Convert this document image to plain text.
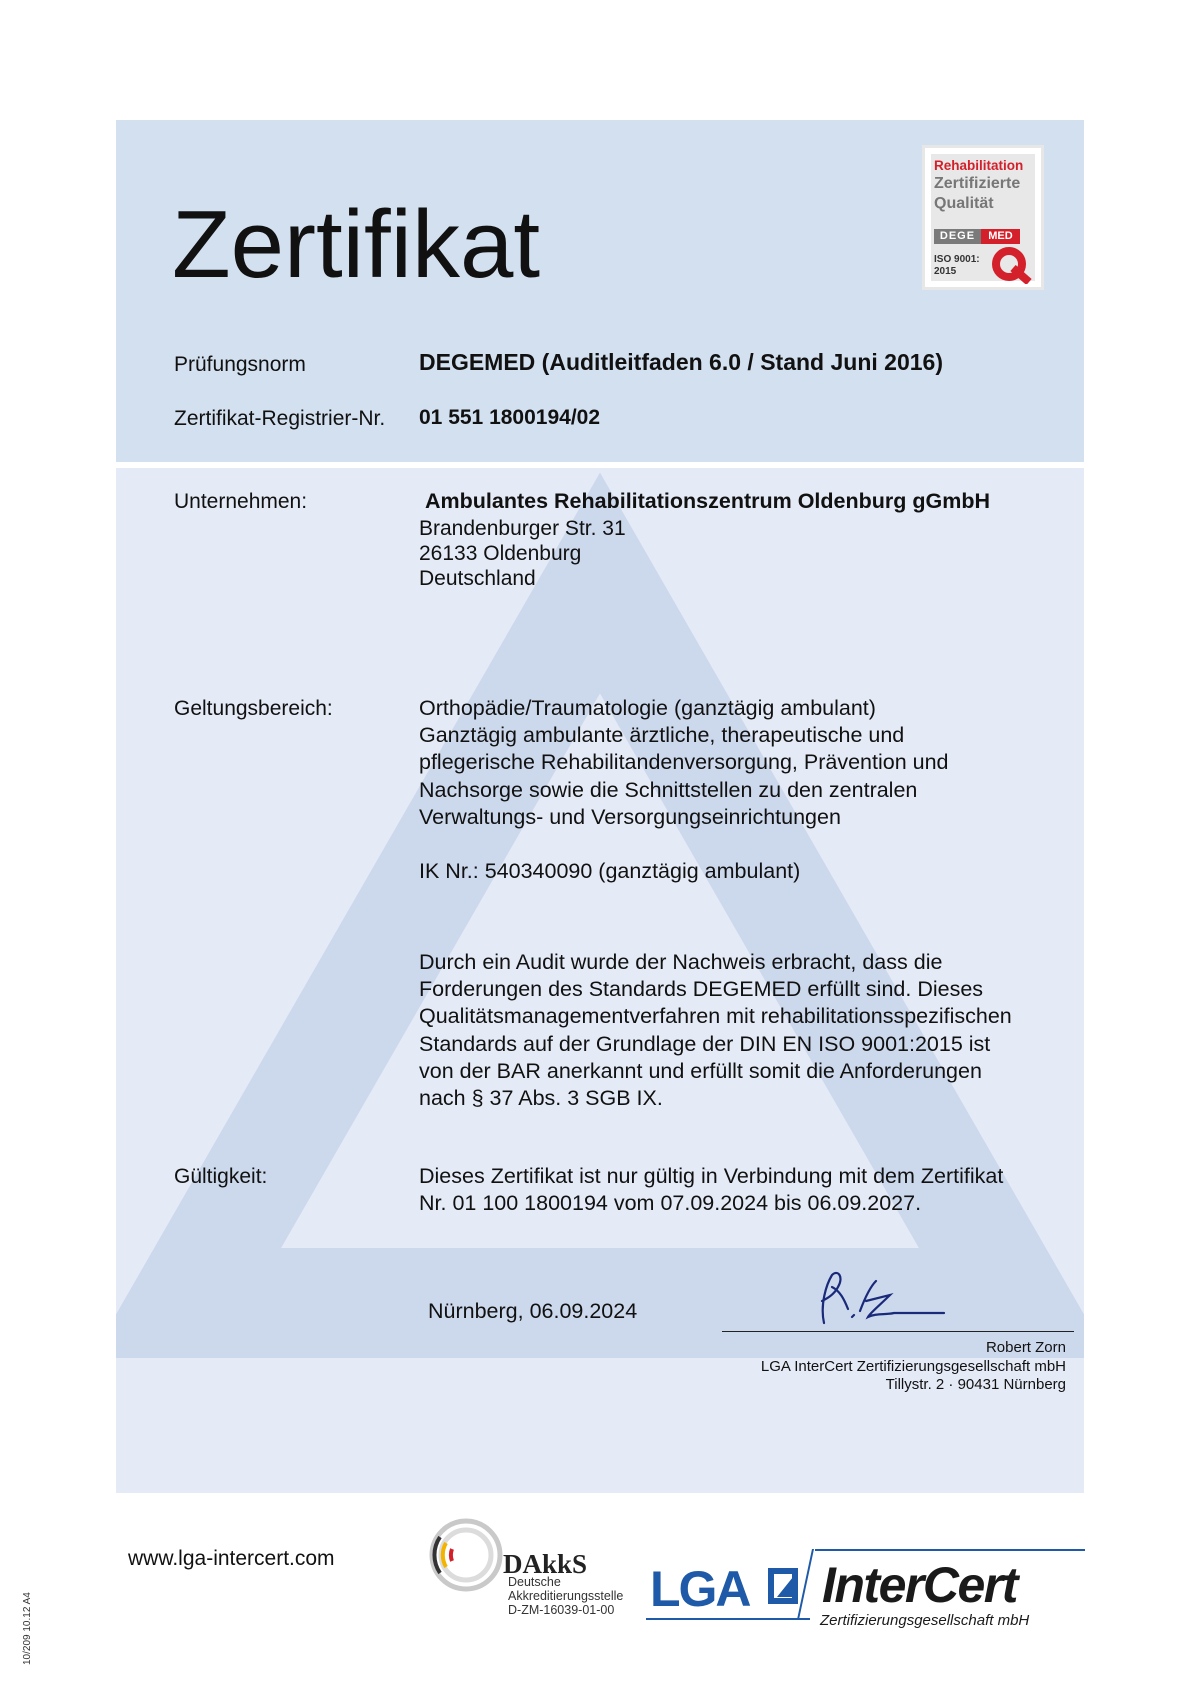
Zertifikat
Rehabilitation
Zertifizierte
Qualität
DEGE	MED
ISO 9001:
2015
Prüfungsnorm	DEGEMED (Auditleitfaden 6.0 / Stand Juni 2016)
Zertifikat-Registrier-Nr. 01 551 1800194/02
Unternehmen:	Ambulantes Rehabilitationszentrum Oldenburg gGmbH
Brandenburger Str. 31
26133 Oldenburg
Deutschland
Geltungsbereich:	Orthopädie/Traumatologie (ganztägig ambulant)
Ganztägig ambulante ärztliche, therapeutische und
pflegerische Rehabilitandenversorgung, Prävention und
Nachsorge sowie die Schnittstellen zu den zentralen
Verwaltungs- und Versorgungseinrichtungen
IK Nr.: 540340090 (ganztägig ambulant)
Durch ein Audit wurde der Nachweis erbracht, dass die
Forderungen des Standards DEGEMED erfüllt sind. Dieses
Qualitätsmanagementverfahren mit rehabilitationsspezifischen
Standards auf der Grundlage der DIN EN ISO 9001:2015 ist
von der BAR anerkannt und erfüllt somit die Anforderungen
nach § 37 Abs. 3 SGB IX.
Gültigkeit:	Dieses Zertifikat ist nur gültig in Verbindung mit dem Zertifikat
Nr. 01 100 1800194 vom 07.09.2024 bis 06.09.2027.
Nürnberg, 06.09.2024
Robert Zorn
LGA InterCert Zertifizierungsgesellschaft mbH
Tillystr. 2 · 90431 Nürnberg
www.lga-intercert.com	DAkkS
Deutsche
Akkreditierungsstelle
D-ZM-16039-01-00 LGA InterCert
Zertifizierungsgesellschaft mbH
10/209 10.12 A4
